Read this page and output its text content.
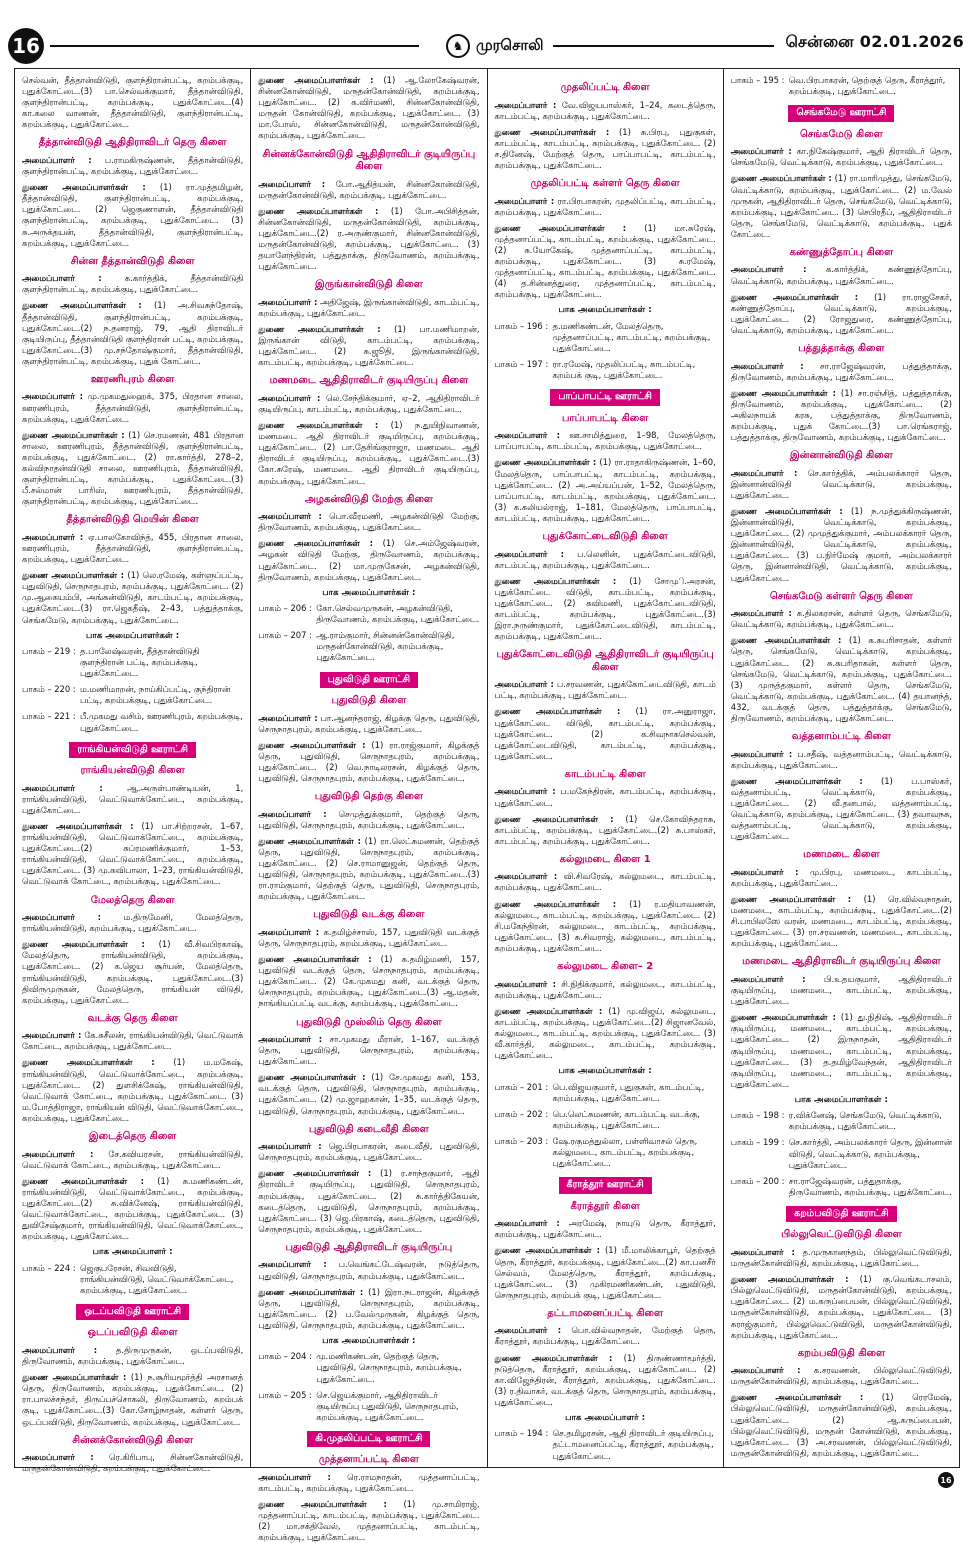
16	♞ முரசொலி	சென்னை 02.01.2026
செல்வன், தீத்தான்விடுதி, குளந்திரான்பட்டி, கறம்பக்குடி, புதுக்கோட்டை.(3) பா.செல்வக்குமார், தீத்தான்விடுதி, குளந்திரான்பட்டி, கறம்பக்குடி, புதுக்கோட்டை.(4) கா.கலை வாணன், தீத்தான்விடுதி, குளந்திரான்பட்டி, கறம்பக்குடி, புதுக்கோட்டை.
தீத்தான்விடுதி ஆதிதிராவிடர் தெரு கிளை
அமைப்பாளர் : ப.ராமகிருஷ்ணன், தீத்தான்விடுதி, குளந்திரான்பட்டி, கறம்பக்குடி, புதுக்கோட்டை.
துணை அமைப்பாளர்கள் : (1) ரா.முத்தமிழன், தீத்தான்விடுதி, குளந்திரான்பட்டி, கறம்பக்குடி, புதுக்கோட்டை. (2) ஜெகுணாளன், தீத்தான்விடுதி குளந்திரான்பட்டி, கறம்பக்குடி, புதுக்கோட்டை. (3) சு.அருக்தயன், தீத்தான்விடுதி, குளந்திரான்பட்டி, கறம்பக்குடி, புதுக்கோட்டை.
சின்ன தீத்தான்விடுதி கிளை
அமைப்பாளர் : க.கார்த்திக், தீத்தான்விடுதி குளந்திரான்பட்டி, கறம்பக்குடி, புதுக்கோட்டை.
துணை அமைப்பாளர்கள் : (1) அ.சிவசுந்தோஷ், தீத்தான்விடுதி, குளந்திரான்பட்டி, கறம்பக்குடி, புதுக்கோட்டை.(2) ந.தனராஜ், 79, ஆதி திராவிடர் குடியிருப்பு, தீத்தான்விடுதி குளந்திரான் பட்டி, கறம்பக்குடி, புதுக்கோட்டை.(3) மு.சந்தோஷ்குமார், தீத்தான்விடுதி, குளந்திரான்பட்டி, கறம்பக்குடி, புதுக் கோட்டை.
ஊரணிபுரம் கிளை
அமைப்பாளர் : மு.முகமதுஹைக், 375, பிரதான சாலை, ஊரணிபுரம், தீத்தான்விடுதி, குளந்திரான்பட்டி, கறம்பக்குடி, புதுக்கோட்டை.
துணை அமைப்பாளர்கள் : (1) செ.ரமணன், 481 பிரதான சாலை, ஊரணிபுரம், தீத்தான்விடுதி, குளந்திரான்பட்டி, கறம்பக்குடி, புதுக்கோட்டை. (2) ரா.கார்த்தி, 278–2, கல்விநாதன்விடுதி சாலை, ஊரணிபுரம், தீத்தான்விடுதி, குளந்திரான்பட்டி, கறம்பக்குடி, புதுக்கோட்டை.(3) பீ.சல்மான் பாரிஸ், ஊரணிபுரம், தீத்தான்விடுதி, குளந்திரான்பட்டி, கறம்பக்குடி, புதுக்கோட்டை.
தீத்தான்விடுதி மெயின் கிளை
அமைப்பாளர் : ஏ.பாலகோவிந்த், 455, பிரதான சாலை, ஊரணிபுரம், தீத்தான்விடுதி, குளந்திரான்பட்டி, கறம்பக்குடி, புதுக்கோட்டை.
துணை அமைப்பாளர்கள் : (1) லெ.ரமேஷ், கள்ளுப்பட்டி, புதுவிடுதி, செருநாதபுரம், கறம்பக்குடி, புதுக்கோட்டை. (2) மு.ஆகையம்பி, அங்கன்விடுதி, காடம்பட்டி, கறம்பக்குடி, புதுக்கோட்டை.(3) ரா.ஜெகதீஷ், 2–43, பத்துத்தாக்கு, செங்கமேடு, கறம்பக்குடி, புதுக்கோட்டை.
பாக அமைப்பாளர்கள் :
பாகம் – 219 : த.பாலேஷ்வரன், தீத்தான்விடுதி குளந்திரான் பட்டி, கறம்பக்குடி, புதுக்கோட்டை.
பாகம் – 220 : ம.மணிமாறன், நாய்கிப்பட்டி, குந்திரான் பட்டி, கறம்பக்குடி, புதுக்கோட்டை.
பாகம் – 221 : பீ.முகமது வசிம், ஊரணிபுரம், கறம்பக்குடி, புதுக்கோட்டை.
ராங்கியன்விடுதி ஊராட்சி
ராங்கியன்விடுதி கிளை
அமைப்பாளர் : ஆ.அருள்பாண்டியன், 1, ராங்கியன்விடுதி, வெட்டுவாக்கோட்டை, கறம்பக்குடி, புதுக்கோட்டை.
துணை அமைப்பாளர்கள் : (1) பா.சிற்றரசன், 1–67, ராங்கியன்விடுதி, வெட்டுவாக்கோட்டை, கறம்பக்குடி, புதுக்கோட்டை.(2) சுப்ரமணிக்குமார், 1–53, ராங்கியன்விடுதி, வெட்டுவாக்கோட்டை, கறம்பக்குடி, புதுக்கோட்டை. (3) மு.கவிபாலா, 1–23, ராங்கியன்விடுதி, வெட்டுவாக் கோட்டை, கறம்பக்குடி, புதுக்கோட்டை.
மேலத்தெரு கிளை
அமைப்பாளர் : ம.திருமேனி, மேலத்தெரு, ராங்கியன்விடுதி, கறம்பக்குடி, புதுக்கோட்டை.
துணை அமைப்பாளர்கள் : (1) வீ.சிவபிரகாஷ், மேலத்தெரு, ராங்கியன்விடுதி, கறம்பக்குடி, புதுக்கோட்டை. (2) க.ஜெய சூர்யன், மேலத்தெரு, ராங்கியன்விடுதி, கறம்பக்குடி, புதுக்கோட்டை.(3) திவிருமுருகன், மேலத்தெரு, ராங்கியன் விடுதி, கறம்பக்குடி, புதுக்கோட்டை.
வடக்கு தெரு கிளை
அமைப்பாளர் : கே.சுசீலன், ராங்கியன்விடுதி, வெட்டுவாக் கோட்டை, கறம்பக்குடி, புதுக்கோட்டை.
துணை அமைப்பாளர்கள் : (1) ம.மகேஷ், ராங்கியன்விடுதி, வெட்டுவாக்கோட்டை, கறம்பக்குடி, புதுக்கோட்டை. (2) துளசிக்கேஷ், ராங்கியன்விடுதி, வெட்டுவாக் கோட்டை, கறம்பக்குடி, புதுக்கோட்டை. (3) ம.போத்திராஜா, ராங்கியன் விடுதி, வெட்டுவாக்கோட்டை, கறம்பக்குடி, புதுக்கோட்டை.
இடைத்தெரு கிளை
அமைப்பாளர் : சே.கவியரசன், ராங்கியன்விடுதி, வெட்டுவாக் கோட்டை, கறம்பக்குடி, புதுக்கோட்டை.
துணை அமைப்பாளர்கள் : (1) சு.மணிகண்டன், ராங்கியன்விடுதி, வெட்டுவாக்கோட்டை, கறம்பக்குடி, புதுக்கோட்டை.(2) சு.விக்னேஷ், ராங்கியன்விடுதி, வெட்டுவாக்கோட்டை, கறம்பக்குடி, புதுக்கோட்டை. (3) துவிசேஷ்குமார், ராங்கியன்விடுதி, வெட்டுவாக்கோட்டை, கறம்பக்குடி, புதுக்கோட்டை.
பாக அமைப்பாளர் :
பாகம் – 224 : ஜெகுபரேசன், சிவவிடுதி, ராங்கியன்விடுதி, வெட்டுவாக்கோட்டை, கறம்பக்குடி, புதுக்கோட்டை.
ஒடப்பவிடுதி ஊராட்சி
ஒடப்பவிடுதி கிளை
அமைப்பாளர் : த.திருமுருகன், ஒடப்பவிடுதி, திருவோணம், கறம்பக்குடி, புதுக்கோட்டை.
துணை அமைப்பாளர்கள் : (1) ந.சூரியமூர்த்தி அரசானத் தெரு, திருவோணம், கறம்பக்குடி, புதுக்கோட்டை. (2) ரா.பாலச்சந்தர், திருப்பச்சொகலி, திருவோணம், கறம்பக் குடி, புதுக்கோட்டை.(3) கோ.சோழ்நாதன், கள்ளர் தெரு, ஒடப்பவிடுதி, திருவோணம், கறம்பக்குடி, புதுக்கோட்டை.
சின்னக்கோன்விடுதி கிளை
அமைப்பாளர் : ரெ.கிரிபாபு, சின்னகோன்விடுதி, மருதன்கோன்விடுதி, கறம்பக்குடி, புதுக்கோட்டை.
துணை அமைப்பாளர்கள் : (1) ஆ.லோகேஷ்வரன், சின்னகோன்விடுதி, மருதன்கோன்விடுதி, கறம்பக்குடி, புதுக்கோட்டை. (2) க.விர்மணி, சின்னகோன்விடுதி, மருதன் கோன்விடுதி, கறம்பக்குடி, புதுக்கோட்டை. (3) மா.போஸ், சின்னகோன்விடுதி, மருதன்கோன்விடுதி, கறம்பக்குடி, புதுக்கோட்டை.
சின்னக்கோன்விடுதி ஆதிதிராவிடர் குடியிருப்பு கிளை
அமைப்பாளர் : போ.ஆதித்யன், சின்னகோன்விடுதி, மருதன்கோன்விடுதி, கறம்பக்குடி, புதுக்கோட்டை.
துணை அமைப்பாளர்கள் : (1) போ.அபிசித்தன், சின்னகோன்விடுதி, மருதன்கோன்விடுதி, கறம்பக்குடி, புதுக்கோட்டை.(2) ர.அருண்குமார், சின்னகோன்விடுதி, மருதன்கோன்விடுதி, கறம்பக்குடி, புதுக்கோட்டை. (3) தயாளேந்திரன், பத்துதாக்கு, திருவோணம், கறம்பக்குடி, புதுக்கோட்டை.
இருங்கான்விடுதி கிளை
அமைப்பாளர் : அதிஜேஷ், இருங்கான்விடுதி, காடம்பட்டி, கறம்பக்குடி, புதுக்கோட்டை.
துணை அமைப்பாளர்கள் : (1) பா.மணிமாறன், இருங்கான் விடுதி, காடம்பட்டி, கறம்பக்குடி, புதுக்கோட்டை. (2) சு.ஜூதி, இருங்கான்விடுதி, காடம்பட்டி, கறம்பக்குடி, புதுக்கோட்டை.
மணமடை ஆதிதிராவிடர் குடியிருப்பு கிளை
அமைப்பாளர் : லெ.சேந்திக்குமார், ஏ–2, ஆதிதிராவிடர் குடியிருப்பு, காடம்பட்டி, கறம்பக்குடி, புதுக்கோட்டை.
துணை அமைப்பாளர்கள் : (1) ந.துயிநிவாணன், மணமடை ஆதி திராவிடர் குடியிருப்பு, கறம்பக்குடி, புதுக்கோட்டை. (2) பா.தேசிங்குராஜா, மணமடை ஆதி திராவிடர் குடியிருப்பு, கறம்பக்குடி, புதுக்கோட்டை.(3) கோ.சுரேஷ், மணமடை ஆதி திராவிடர் குடியிருப்பு, கறம்பக்குடி, புதுக்கோட்டை.
அழகன்விடுதி மேற்கு கிளை
அமைப்பாளர் : பொ.வீரமணி, அழகன்விடுதி மேற்கு, திருவோணம், கறம்பக்குடி, புதுக்கோட்டை.
துணை அமைப்பாளர்கள் : (1) செ.அம்ஜேஷ்வரன், அழகன் விடுதி மேற்கு, திருவோணம், கறம்பக்குடி, புதுக்கோட்டை. (2) மா.முருகேசன், அழகன்விடுதி, திருவோணம், கறம்பக்குடி, புதுக்கோட்டை.
பாக அமைப்பாளர்கள் :
பாகம் – 206 : கோ.செல்வமுருகன், அழகன்விடுதி, திருவோணம், கறம்பக்குடி, புதுக்கோட்டை.
பாகம் – 207 : ஆ.ராம்குமார், சின்னன்கோன்விடுதி, மருதன்கோன்விடுதி, கறம்பக்குடி, புதுக்கோட்டை.
புதுவிடுதி ஊராட்சி
புதுவிடுதி கிளை
அமைப்பாளர் : பா.ஆனந்தராஜ், கிழக்கு தெரு, புதுவிடுதி, செருநாதபுரம், கறம்பக்குடி, புதுக்கோட்டை.
துணை அமைப்பாளர்கள் : (1) ரா.ராஜ்குமார், கிழக்குத் தெரு, புதுவிடுதி, செருநாதபுரம், கறம்பக்குடி, புதுக்கோட்டை. (2) வெ.நாடிலரசன், கிழக்குத் தெரு, புதுவிடுதி, செருநாதபுரம், கறம்பக்குடி, புதுக்கோட்டை.
புதுவிடுதி தெற்கு கிளை
அமைப்பாளர் : செமுத்துக்குமார், தெற்குத் தெரு, புதுவிடுதி, செருநாதபுரம், கறம்பக்குடி, புதுக்கோட்டை.
துணை அமைப்பாளர்கள் : (1) ரா.லெட்சுமணன், தெற்குத் தெரு, புதுவிடுதி, செருநாதபுரம், கறம்பக்குடி, புதுக்கோட்டை. (2) செ.ராமானுஜன், தெற்குத் தெரு, புதுவிடுதி, செருநாதபுரம், கறம்பக்குடி, புதுக்கோட்டை.(3) ரா.ராம்குமார், தெற்குத் தெரு, புதுவிடுதி, செருநாதபுரம், கறம்பக்குடி, புதுக்கோட்டை.
புதுவிடுதி வடக்கு கிளை
அமைப்பாளர் : க.தமிழ்ச்சாஸ், 157, புதுவிடுதி வடக்குத் தெரு, செருநாதபுரம், கறம்பக்குடி, புதுக்கோட்டை.
துணை அமைப்பாளர்கள் : (1) சு.தமிழ்மணி, 157, புதுவிடுதி வடக்குத் தெரு, செருநாதபுரம், கறம்பக்குடி, புதுக்கோட்டை. (2) கே.முகமது கனி, வடக்குத் தெரு, செருநாதபுரம், கறம்பக்குடி, புதுக்கோட்டை.(3) ஆ.மதன், நாங்கியப்பட்டி வடக்கு, கறம்பக்குடி, புதுக்கோட்டை.
புதுவிடுதி முஸ்லிம் தெரு கிளை
அமைப்பாளர் : சா.முகமது மீரான், 1–167, வடக்குத் தெரு, புதுவிடுதி, செருநாதபுரம், கறம்பக்குடி, புதுக்கோட்டை.
துணை அமைப்பாளர்கள் : (1) சே.முகமது கனி, 153, வடக்குத் தெரு, புதுவிடுதி, செருநாதபுரம், கறம்பக்குடி, புதுக்கோட்டை. (2) மு.ஜாஹகான், 1–35, வடக்குத் தெரு, புதுவிடுதி, செருநாதபுரம், கறம்பக்குடி, புதுக்கோட்டை.
புதுவிடுதி கடைவீதி கிளை
அமைப்பாளர் : ஜெ.பிரபாகரன், கடைவீதி, புதுவிடுதி, செருநாதபுரம், கறம்பக்குடி, புதுக்கோட்டை.
துணை அமைப்பாளர்கள் : (1) ர.சாந்தகுமார், ஆதி திராவிடர் குடியிருப்பு, புதுவிடுதி, செருநாதபுரம், கறம்பக்குடி, புதுக்கோட்டை. (2) சு.கார்த்திகேயன், கடைத்தெரு, புதுவிடுதி, செருநாதபுரம், கறம்பக்குடி, புதுக்கோட்டை. (3) ஜெ.பிரகாஷ், கடைத்தெரு, புதுவிடுதி, செருநாதபுரம், கறம்பக்குடி, புதுக்கோட்டை.
புதுவிடுதி ஆதிதிராவிடர் குடியிருப்பு
அமைப்பாளர் : ப.வெங்கட்டேஷ்வரன், நடுத்தெரு, புதுவிடுதி, செருநாதபுரம், கறம்பக்குடி, புதுக்கோட்டை.
துணை அமைப்பாளர்கள் : (1) இரா.நடராஜன், கிழக்குத் தெரு, புதுவிடுதி, செருநாதபுரம், கறம்பக்குடி, புதுக்கோட்டை. (2) ப.வேல்முருகன், கிழக்குத் தெரு, புதுவிடுதி, செருநாதபுரம், கறம்பக்குடி, புதுக்கோட்டை.
பாக அமைப்பாளர்கள் :
பாகம் – 204 : மு.மணிகண்டன், தெற்குத் தெரு, புதுவிடுதி, செருநாதபுரம், கறம்பக்குடி, புதுக்கோட்டை.
பாகம் – 205 : செ.ஜெயக்குமார், ஆதிதிராவிடர் குடியிருப்பு புதுவிடுதி, செருநாதபுரம், கறம்பக்குடி, புதுக்கோட்டை.
கி.முதலிப்பட்டி ஊராட்சி
முத்தனாப்பட்டி கிளை
அமைப்பாளர் : ரெ.ராமநாதன், முத்தனாப்பட்டி, காடம்பட்டி, கறம்பக்குடி, புதுக்கோட்டை.
துணை அமைப்பாளர்கள் : (1) மு.சாமிராஜ், முத்தனாப்பட்டி, காடம்பட்டி, கறம்பக்குடி, புதுக்கோட்டை. (2) மா.சக்திவேல், முத்தனாப்பட்டி, காடம்பட்டி, கறம்பக்குடி, புதுக்கோட்டை.
முதலிப்பட்டி கிளை
அமைப்பாளர் : வே.விஜயபாஸ்கர், 1–24, கடைத்தெரு, காடம்பட்டி, கறம்பக்குடி, புதுக்கோட்டை.
துணை அமைப்பாளர்கள் : (1) சு.பிரபு, புதுகுகள், காடம்பட்டி, காடம்பட்டி, கறம்பக்குடி, புதுக்கோட்டை. (2) ச.தினேஷ், மேற்குத் தெரு, பாப்பாபட்டி, காடம்பட்டி, கறம்பக்குடி, புதுக்கோட்டை.
முதலிப்பட்டி கள்ளர் தெரு கிளை
அமைப்பாளர் : ரா.பிரபாகரன், முதலிப்பட்டி, காடம்பட்டி, கறம்பக்குடி, புதுக்கோட்டை.
துணை அமைப்பாளர்கள் : (1) மா.சுரேஷ், முத்தனாப்பட்டி, காடம்பட்டி, கறம்பக்குடி, புதுக்கோட்டை. (2) சு.யோகேஷ், முத்தனாப்பட்டி, காடம்பட்டி, கறம்பக்குடி, புதுக்கோட்டை. (3) சு.ரமேஷ், முத்தனாப்பட்டி, காடம்பட்டி, கறம்பக்குடி, புதுக்கோட்டை. (4) த.சின்னத்துரை, முத்தனாப்பட்டி, காடம்பட்டி, கறம்பக்குடி, புதுக்கோட்டை.
பாக அமைப்பாளர்கள் :
பாகம் – 196 : த.மணிகண்டன், மேலத்தெரு, முத்தனாப்பட்டி, காடம்பட்டி, கறம்பக்குடி, புதுக்கோட்டை.
பாகம் – 197 : ரா.ரமேஷ், முதலிப்பட்டி, காடம்பட்டி, கறம்பக் குடி, புதுக்கோட்டை.
பாப்பாபட்டி ஊராட்சி
பாப்பாபட்டி கிளை
அமைப்பாளர் : ஊ.சாமித்துரை, 1–98, மேலத்தெரு, பாப்பாபட்டி, காடம்பட்டி, கறம்பக்குடி, புதுக்கோட்டை.
துணை அமைப்பாளர்கள் : (1) ரா.ராதாகிருஷ்ணன், 1–60, மேலத்தெரு, பாப்பாபட்டி, காடம்பட்டி, கறம்பக்குடி, புதுக்கோட்டை. (2) அ.அய்யப்பன், 1–52, மேலத்தெரு, பாப்பாபட்டி, காடம்பட்டி, கறம்பக்குடி, புதுக்கோட்டை. (3) க.கலியல்ராஜ், 1–181, மேலத்தெரு, பாப்பாபட்டி, காடம்பட்டி, கறம்பக்குடி, புதுக்கோட்டை.
புதுக்கோட்டைவிடுதி கிளை
அமைப்பாளர் : ப.லெனின், புதுக்கோட்டைவிடுதி, காடம்பட்டி, கறம்பக்குடி, புதுக்கோட்டை.
துணை அமைப்பாளர்கள் : (1) சோமுி.அரசன், புதுக்கோட்டை விடுதி, காடம்பட்டி, கறம்பக்குடி, புதுக்கோட்டை. (2) கவிமணி, புதுக்கோட்டைவிடுதி, காடம்பட்டி, கறம்பக்குடி, புதுக்கோட்டை.(3) இரா.நருண்குமார், புதுக்கோட்டைவிடுதி, காடம்பட்டி, கறம்பக்குடி, புதுக்கோட்டை.
புதுக்கோட்டைவிடுதி ஆதிதிராவிடர் குடியிருப்பு கிளை
அமைப்பாளர் : ப.சரவணன், புதுக்கோட்டைவிடுதி, காடம் பட்டி, கறம்பக்குடி, புதுக்கோட்டை.
துணை அமைப்பாளர்கள் : (1) ரா.அனுராஜா, புதுக்கோட்டை விடுதி, காடம்பட்டி, கறம்பக்குடி, புதுக்கோட்டை. (2) க.சிவநாகசெல்வன், புதுக்கோட்டைவிடுதி, காடம்பட்டி, கறம்பக்குடி, புதுக்கோட்டை.
காடம்பட்டி கிளை
அமைப்பாளர் : ப.மகேந்திரன், காடம்பட்டி, கறம்பக்குடி, புதுக்கோட்டை.
துணை அமைப்பாளர்கள் : (1) செ.கோவிந்தராசு, காடம்பட்டி, கறம்பக்குடி, புதுக்கோட்டை.(2) சு.பாஸ்கர், காடம்பட்டி, கறம்பக்குடி, புதுக்கோட்டை.
கல்லுமடை கிளை 1
அமைப்பாளர் : வி.சிவரேஷ், கல்லுமடை, காடம்பட்டி, கறம்பக்குடி, புதுக்கோட்டை.
துணை அமைப்பாளர்கள் : (1) ர.மதியாவணன், கல்லுமடை, காடம்பட்டி, கறம்பக்குடி, புதுக்கோட்டை. (2) சி.மகேந்திரன், கல்லுமடை, காடம்பட்டி, கறம்பக்குடி, புதுக்கோட்டை. (3) சு.சிவராஜ், கல்லுமடை, காடம்பட்டி, கறம்பக்குடி, புதுக்கோட்டை.
கல்லுமடை கிளை– 2
அமைப்பாளர் : சி.நிதிக்குமார், கல்லுமடை, காடம்பட்டி, கறம்பக்குடி, புதுக்கோட்டை.
துணை அமைப்பாளர்கள் : (1) மு.விஜய், கல்லுமடை, காடம்பட்டி, கறம்பக்குடி, புதுக்கோட்டை.(2) சிஜானவேல், கல்லுமடை, காடம்பட்டி, கறம்பக்குடி, புதுக்கோட்டை. (3) வீ.கார்த்தி, கல்லுமடை, காடம்பட்டி, கறம்பக்குடி, புதுக்கோட்டை.
பாக அமைப்பாளர்கள் :
பாகம் – 201 : பெ.விஜயகுமார், புதுகுகள், காடம்பட்டி, கறம்பக்குடி, புதுக்கோட்டை.
பாகம் – 202 : பெ.லெட்சுமணன், காடம்பட்டி வடக்கு, கறம்பக்குடி, புதுக்கோட்டை.
பாகம் – 203 : ஷே.ரகுமத்துல்லா, பள்ளிவாசல் தெரு, கல்லுமடை, காடம்பட்டி, கறம்பக்குடி, புதுக்கோட்டை.
கீராத்தூர் ஊராட்சி
கீராத்தூர் கிளை
அமைப்பாளர் : அரமேஷ், நாயுடு தெரு, கீராத்தூர், கறம்பக்குடி, புதுக்கோட்டை.
துணை அமைப்பாளர்கள் : (1) மீ.மாலிக்காபூர், தெற்குத் தெரு, கீராத்தூர், கறம்பக்குடி, புதுக்கோட்டை.(2) கா.பனசீர் செல்வம், மேலத்தெரு, கீராத்தூர், கறம்பக்குடி, புதுக்கோட்டை. (3) முகிரமணிகண்டன், புதுவிடுதி, செருநாதபுரம், கறம்பக் குடி, புதுக்கோட்டை.
தட்டாமனைப்பட்டி கிளை
அமைப்பாளர் : பொ.வில்வநாதன், மேற்குத் தெரு, கீராத்தூர், கறம்பக்குடி, புதுக்கோட்டை.
துணை அமைப்பாளர்கள் : (1) திருண்ணாமூர்த்தி, நடுத்தெரு, கீராத்தூர், கறம்பக்குடி, புதுக்கோட்டை. (2) கா.விஜேந்திரன், கீராத்தூர், கறம்பக்குடி, புதுக்கோட்டை. (3) ர.திவாகர், வடக்குத் தெரு, செருநாதபுரம், கறம்பக்குடி, புதுக்கோட்டை.
பாக அமைப்பாளர் :
பாகம் – 194 : செ.தமிழரசன், ஆதி திராவிடர் குடியிருப்பு, தட்டாமனைப்பட்டி, கீராத்தூர், கறம்பக்குடி, புதுக்கோட்டை.
பாகம் – 195 : வெ.பிரபாகரன், தெற்குத் தெரு, கீராத்தூர், கறம்பக்குடி, புதுக்கோட்டை.
செங்கமேடு ஊராட்சி
செங்கமேடு கிளை
அமைப்பாளர் : கா.நிகேஷ்குமார், ஆதி திராவிடர் தெரு, செங்கமேடு, வெட்டிக்காடு, கறம்பக்குடி, புதுக்கோட்டை.
துணை அமைப்பாளர்கள் : (1) ரா.மாரிமுத்து, செங்கமேடு, வெட்டிக்காடு, கறம்பக்குடி, புதுக்கோட்டை. (2) ம.வேல் முருகன், ஆதிதிராவிடர் தெரு, செங்கமேடு, வெட்டிக்காடு, கறம்பக்குடி, புதுக்கோட்டை. (3) செபிரதீப், ஆதிதிராவிடர் தெரு, செங்கமேடு, வெட்டிக்காடு, கறம்பக்குடி, புதுக் கோட்டை.
கண்ணுத்தோப்பு கிளை
அமைப்பாளர் : க.கார்த்திக், கண்ணுத்தோப்பு, வெட்டிக்காடு, கறம்பக்குடி, புதுக்கோட்டை.
துணை அமைப்பாளர்கள் : (1) ரா.ராஜசேகர், கண்ணுத்தோப்பு, வெட்டிக்காடு, கறம்பக்குடி, புதுக்கோட்டை. (2) ரோஜதுரை, கண்ணுத்தோப்பு, வெட்டிக்காடு, கறம்பக்குடி, புதுக்கோட்டை.
பத்துத்தாக்கு கிளை
அமைப்பாளர் : சா.ராஜேஷ்வரன், பத்துத்தாக்கு, திருவோணம், கறம்பக்குடி, புதுக்கோட்டை.
துணை அமைப்பாளர்கள் : (1) சா.ரஞ்சித், பத்துத்தாக்கு, திருவோணம், கறம்பக்குடி, புதுக்கோட்டை. (2) அகிலநாயக் கரசு, பத்துத்தாக்கு, திருவோணம், கறம்பக்குடி, புதுக் கோட்டை.(3) பா.ரெங்கராஜ், பத்துத்தாக்கு, திருவோணம், கறம்பக்குடி, புதுக்கோட்டை.
இன்னான்விடுதி கிளை
அமைப்பாளர் : செ.கார்த்திக், அம்பலக்காரர் தெரு, இன்னான்விடுதி வெட்டிக்காடு, கறம்பக்குடி, புதுக்கோட்டை.
துணை அமைப்பாளர்கள் : (1) ந.முத்துக்கிருஷ்ணன், இன்னான்விடுதி, வெட்டிக்காடு, கறம்பக்குடி, புதுக்கோட்டை. (2) முமுத்துக்குமார், அம்பலக்காரர் தெரு, இன்னான்விடுதி, வெட்டிக்காடு, கறம்பக்குடி, புதுக்கோட்டை. (3) ப.நிர்மேஷ் குமார், அம்பலக்காரர் தெரு, இன்னான்விடுதி, வெட்டிக்காடு, கறம்பக்குடி, புதுக்கோட்டை.
செங்கமேடு கள்ளர் தெரு கிளை
அமைப்பாளர் : க.திலகரசன், கள்ளர் தெரு, செங்கமேடு, வெட்டிக்காடு, கறம்பக்குடி, புதுக்கோட்டை.
துணை அமைப்பாளர்கள் : (1) சு.சுபரிசாதன், கள்ளர் தெரு, செங்கமேடு, வெட்டிக்காடு, கறம்பக்குடி, புதுக்கோட்டை. (2) சு.சுபரிதாகன், கள்ளர் தெரு, செங்கமேடு, வெட்டிக்காடு, கறம்பக்குடி, புதுக்கோட்டை.(3) முருத்தகுமார், கள்ளர் தெரு, செங்கமேடு, வெட்டிக்காடு, கறம்பக்குடி, புதுக்கோட்டை. (4) தயானந்த், 432, வடக்குத் தெரு, பத்துத்தாக்கு, செங்கமேடு, திருவோணம், கறம்பக்குடி, புதுக்கோட்டை.
வத்தனாம்பட்டி கிளை
அமைப்பாளர் : ப.சதீஷ், வத்தனாம்பட்டி, வெட்டிக்காடு, கறம்பக்குடி, புதுக்கோட்டை.
துணை அமைப்பாளர்கள் : (1) ப.பாஸ்கர், வத்தனாம்பட்டி, வெட்டிக்காடு, கறம்பக்குடி, புதுக்கோட்டை. (2) வீ.தனபால், வத்தனாம்பட்டி, வெட்டிக்காடு, கறம்பக்குடி, புதுக்கோட்டை. (3) தவாவநசு, வத்தனாம்பட்டி, வெட்டிக்காடு, கறம்பக்குடி, புதுக்கோட்டை.
மணமடை கிளை
அமைப்பாளர் : மு.பிரபு, மணமடை, காடம்பட்டி, கறம்பக்குடி, புதுக்கோட்டை.
துணை அமைப்பாளர்கள் : (1) ரெ.வில்வநாதன், மணமடை, காடம்பட்டி, கறம்பக்குடி, புதுக்கோட்டை.(2) சி.பாபிலஸே வரன், மணமடை, காடம்பட்டி, கறம்பக்குடி, புதுக்கோட்டை. (3) ரா.சரவணன், மணமடை, காடம்பட்டி, கறம்பக்குடி, புதுக்கோட்டை.
மணமடை ஆதிதிராவிடர் குடியிருப்பு கிளை
அமைப்பாளர் : பி.உதயகுமார், ஆதிதிராவிடர் குடியிருப்பு, மணமடை, காடம்பட்டி, கறம்பக்குடி, புதுக்கோட்டை.
துணை அமைப்பாளர்கள் : (1) து.நிதிஷ், ஆதிதிராவிடர் குடியிருப்பு, மணமடை, காடம்பட்டி, கறம்பக்குடி, புதுக்கோட்டை. (2) இருநாதன், ஆதிதிராவிடர் குடியிருப்பு, மணமடை, காடம்பட்டி, கறம்பக்குடி, புதுக்கோட்டை. (3) த.தமிழ்வேந்தன், ஆதிதிராவிடர் குடியிருப்பு, மணமடை, காடம்பட்டி, கறம்பக்குடி, புதுக்கோட்டை.
பாக அமைப்பாளர்கள் :
பாகம் – 198 : ர.விக்னேஷ், செங்கமேடு, வெட்டிக்காடு, கறம்பக்குடி, புதுக்கோட்டை.
பாகம் – 199 : செ.கார்த்தி, அம்பலக்காரர் தெரு, இன்னான் விடுதி, வெட்டிக்காடு, கறம்பக்குடி, புதுக்கோட்டை.
பாகம் – 200 : சா.ராஜேஷ்வரன், பத்துதாக்கு, திருவோணம், கறம்பக்குடி, புதுக்கோட்டை.
கறம்பவிடுதி ஊராட்சி
பில்லுவெட்டுவிடுதி கிளை
அமைப்பாளர் : த.முருகானந்தம், பில்லுவெட்டுவிடுதி, மருதன்கோன்விடுதி, கறம்பக்குடி, புதுக்கோட்டை.
துணை அமைப்பாளர்கள் : (1) கு.வெங்கடாசலம், பில்லுவெட்டுவிடுதி, மருதன்கோன்விடுதி, கறம்பக்குடி, புதுக்கோட்டை. (2) ம.கருப்பையன், பில்லுவெட்டுவிடுதி, மருதன்கோன்விடுதி, கறம்பக்குடி, புதுக்கோட்டை. (3) சுராஜ்குமார், பில்லுவெட்டுவிடுதி, மருதன்கோன்விடுதி, கறம்பக்குடி, புதுக்கோட்டை.
கறம்பவிடுதி கிளை
அமைப்பாளர் : க.சரவணன், பில்லுவெட்டுவிடுதி, மருதன்கோன்விடுதி, கறம்பக்குடி, புதுக்கோட்டை.
துணை அமைப்பாளர்கள் : (1) ரெரமேஷ், பில்லுவெட்டுவிடுதி, மருதன்கோன்விடுதி, கறம்பக்குடி, புதுக்கோட்டை. (2) ஆ.கருப்பையன், பில்லுவெட்டுவிடுதி, மருதன் கோன்விடுதி, கறம்பக்குடி, புதுக்கோட்டை. (3) அ.சரவணன், பில்லுவெட்டுவிடுதி, மருதன்கோன்விடுதி, கறம்பக்குடி, புதுக்கோட்டை.
16
